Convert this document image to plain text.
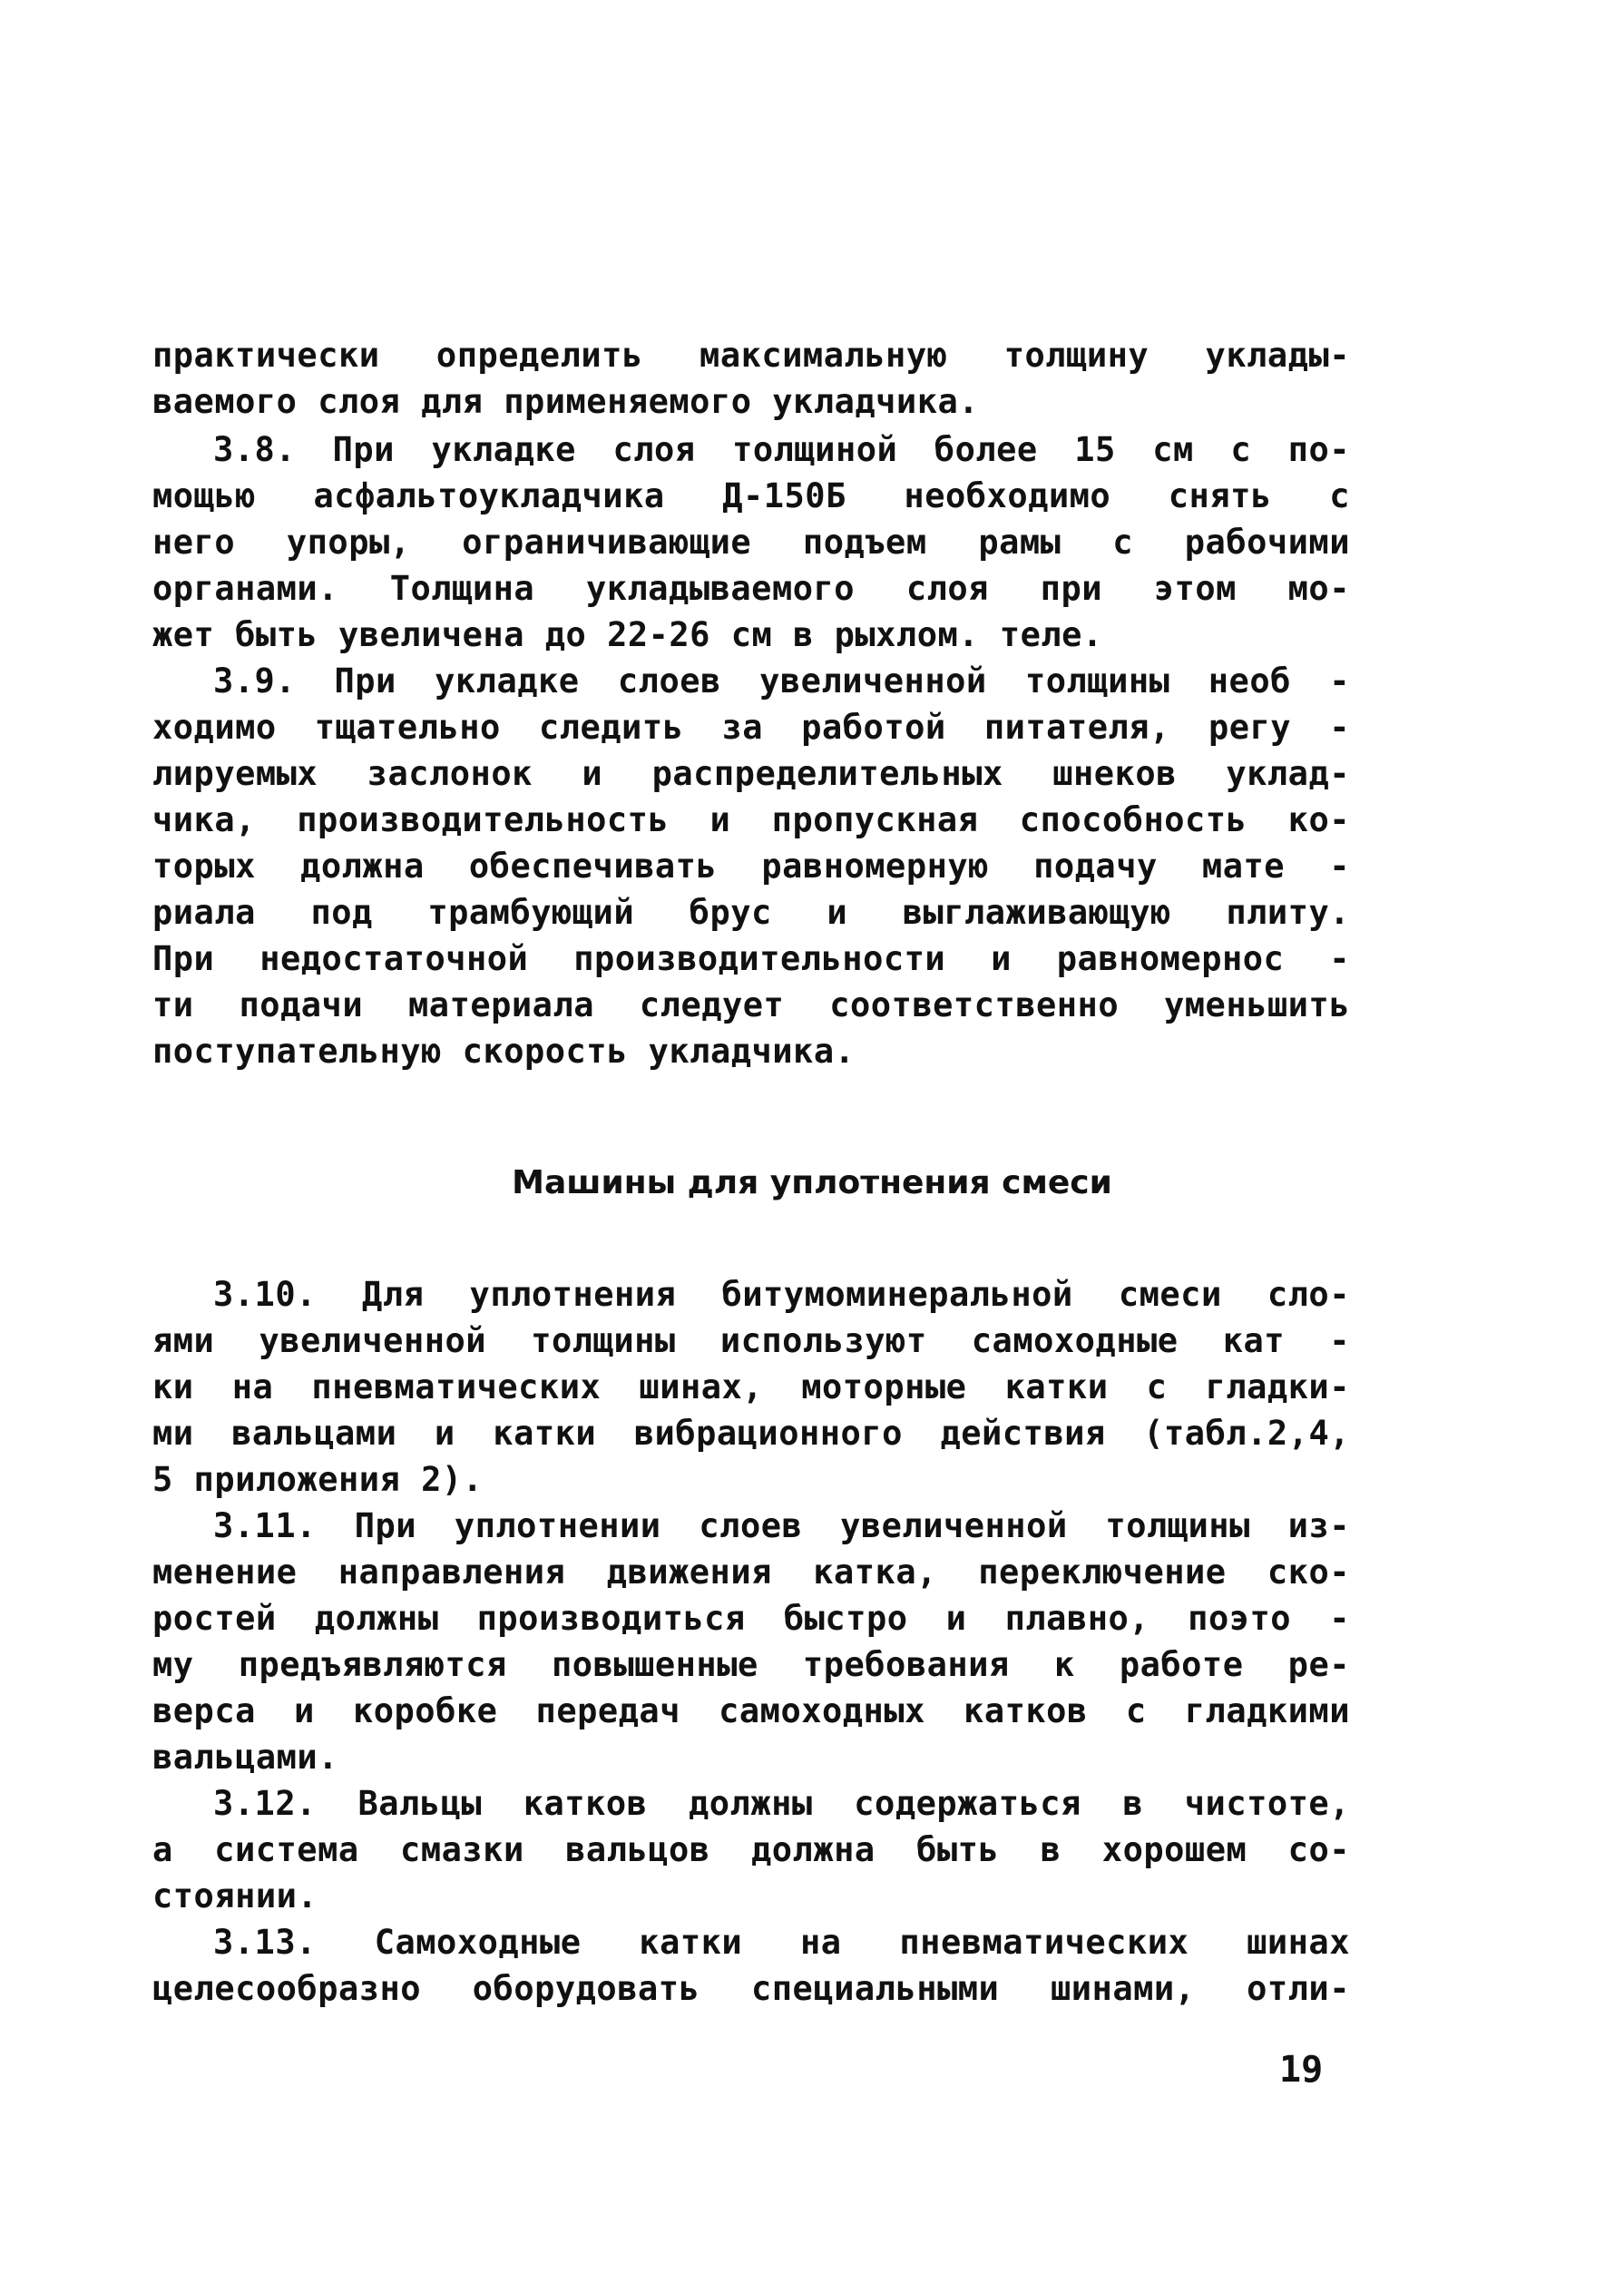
практически определить максимальную толщину уклады-
ваемого слоя для применяемого укладчика.
3.8. При укладке слоя толщиной более 15 см с по-
мощью асфальтоукладчика Д-150Б необходимо снять с
него упоры, ограничивающие подъем рамы с рабочими
органами. Толщина укладываемого слоя при этом мо-
жет быть увеличена до 22-26 см в рыхлом. теле.
3.9. При укладке слоев увеличенной толщины необ -
ходимо тщательно следить за работой питателя, регу -
лируемых заслонок и распределительных шнеков уклад-
чика, производительность и пропускная способность ко-
торых должна обеспечивать равномерную подачу мате -
риала под трамбующий брус и выглаживающую плиту.
При недостаточной производительности и равномернос -
ти подачи материала следует соответственно уменьшить
поступательную скорость укладчика.
Машины для уплотнения смеси
3.10. Для уплотнения битумоминеральной смеси сло-
ями увеличенной толщины используют самоходные кат -
ки на пневматических шинах, моторные катки с гладки-
ми вальцами и катки вибрационного действия (табл.2,4,
5 приложения 2).
3.11. При уплотнении слоев увеличенной толщины из-
менение направления движения катка, переключение ско-
ростей должны производиться быстро и плавно, поэто -
му предъявляются повышенные требования к работе ре-
верса и коробке передач самоходных катков с гладкими
вальцами.
3.12. Вальцы катков должны содержаться в чистоте,
а система смазки вальцов должна быть в хорошем со-
стоянии.
3.13. Самоходные катки на пневматических шинах
целесообразно оборудовать специальными шинами, отли-
19
